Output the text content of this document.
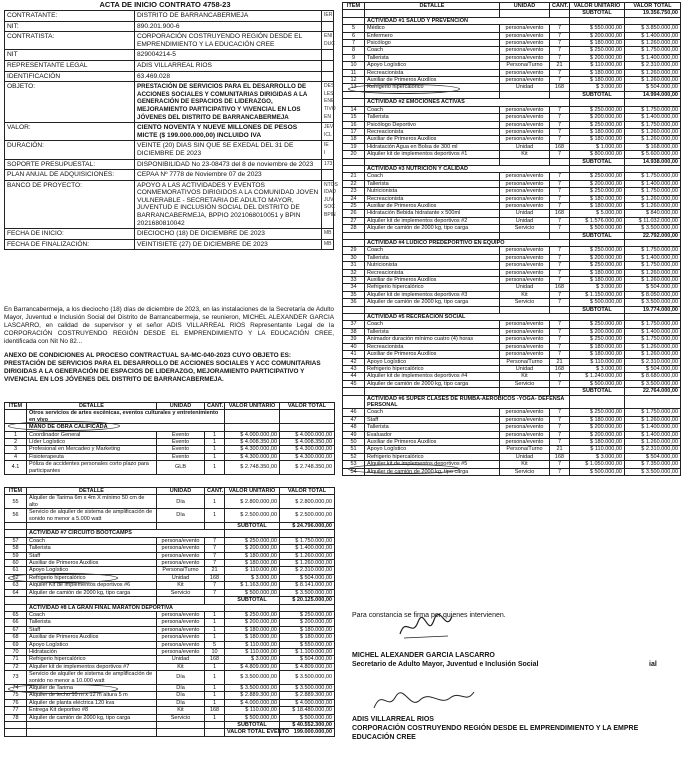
ACTA DE INICIO CONTRATO 4758-23
CONTRATANTE:	DISTRITO DE BARRANCABERMEJA	IER
NIT:	890.201.900-6	
CONTRATISTA:	CORPORACIÓN COSTRUYENDO REGIÓN DESDE EL EMPRENDIMIENTO Y LA EDUCACIÓN CREE	ENI DUC
NIT	829004214-5	
REPRESENTANTE LEGAL	ADIS VILLARREAL RIOS	
IDENTIFICACIÓN	63.469.028	
OBJETO:	PRESTACIÓN DE SERVICIOS PARA EL DESARROLLO DE ACCIONES SOCIALES Y COMUNITARIAS DIRIGIDAS A LA GENERACIÓN DE ESPACIOS DE LIDERAZGO, MEJORAMIENTO PARTICIPATIVO Y VIVENCIAL EN LOS JÓVENES DEL DISTRITO DE BARRANCABERMEJA	DES LES ENE TIVO EN
VALOR:	CIENTO NOVENTA Y NUEVE MILLONES DE PESOS MICTE ($ 199.000.000,00) INCLUIDO IVA	JEV ICL
DURACIÓN:	VEINTE (20) DIAS SIN QUE SE EXEDAL DEL 31 DE DICIEMBRE DE 2023	IE I
SOPORTE PRESUPUESTAL:	DISPONIBILIDAD No 23-08473 del 8 de noviembre de 2023	173
PLAN ANUAL DE ADQUISICIONES:	CEPAA Nº 7778 de Noviembre 07 de 2023	
BANCO DE PROYECTO:	APOYO A LAS ACTIVIDADES Y EVENTOS CONMEMORATIVOS DIRIGIDOS A LA COMUNIDAD JOVEN VULNERABLE - SECRETARIA DE ADULTO MAYOR, JUVENTUD E INCLUSIÓN SOCIAL DEL DISTRITO DE BARRANCABERMEJA, BPPIO 2021068010051 y BPIN 2021680810042	NTOS IDAD JUV SOC BPIN
FECHA DE INICIO:	DIECIOCHO (18) DE DICIEMBRE DE 2023	MB
FECHA DE FINALIZACIÓN:	VEINTISIETE (27) DE DICIEMBRE DE 2023	MB
En Barrancabermeja, a los dieciocho (18) días de diciembre de 2023, en las instalaciones de la Secretaría de Adulto Mayor, Juventud e Inclusión Social del Distrito de Barrancabermeja, se reunieron, MICHEL ALEXANDER GARCIA LASCARRO, en calidad de supervisor y el señor ADIS VILLARREAL RIOS Representante Legal de la CORPORACIÓN COSTRUYENDO REGIÓN DESDE EL EMPRENDIMIENTO Y LA EDUCACIÓN CREE, identificada con Nit No 82...
ANEXO DE CONDICIONES AL PROCESO CONTRACTUAL SA-MC-040-2023 CUYO OBJETO ES: PRESTACIÓN DE SERVICIOS PARA EL DESARROLLO DE ACCIONES SOCIALES Y ACC COMUNITARIAS DIRIGIDAS A LA GENERACIÓN DE ESPACIOS DE LIDERAZGO, MEJORAMIENTO PARTICIPATIVO Y VIVENCIAL EN LOS JÓVENES DEL DISTRITO DE BARRANCABERMEJA.
ITEM	DETALLE	UNIDAD	CANT.	VALOR UNITARIO	VALOR TOTAL
	Otros servicios de artes escénicas, eventos culturales y entretenimiento en vivo				
	MANO DE OBRA CALIFICADA				
1	Coordinador General	Evento	1	$ 4.000.000,00	$ 4.000.000,00
2	Líder Logístico	Evento	1	$ 4.008.350,00	$ 4.008.350,00
3	Profesional en Mercadeo y Marketing	Evento	1	$ 4.300.000,00	$ 4.300.000,00
4	Fisioterapeuta	Evento	1	$ 4.300.000,00	$ 4.300.000,00
4.1	Póliza de accidentes personales corto plazo para participantes	GLB	1	$ 2.748.350,00	$ 2.748.350,00
ITEM	DETALLE	UNIDAD	CANT.	VALOR UNITARIO	VALOR TOTAL
55	Alquiler de Tarima 6m x 4m X mínimo 50 cm de alto	Día	1	$ 2.800.000,00	$ 2.800.000,00
56	Servicio de alquiler de sistema de amplificación de sonido no menor a 5.000 watt	Día	1	$ 2.500.000,00	$ 2.500.000,00
				SUBTOTAL	$ 24.796.000,00
	ACTIVIDAD #7 CIRCUITO BOOTCAMPS				
57	Coach	persona/evento	7	$ 250.000,00	$ 1.750.000,00
58	Talleristа	persona/evento	7	$ 200.000,00	$ 1.400.000,00
59	Staff	persona/evento	7	$ 180.000,00	$ 1.260.000,00
60	Auxiliar de Primeros Auxilios	persona/evento	7	$ 180.000,00	$ 1.260.000,00
61	Apoyo Logístico	Persona/Turno	21	$ 110.000,00	$ 2.310.000,00
62	Refrigerio hipercalórico	Unidad	168	$ 3.000,00	$ 504.000,00
63	Alquiler Kit de implementos deportivos #6	Kit	7	$ 1.163.000,00	$ 8.141.000,00
64	Alquiler de camión de 2000 kg, tipo carga	Servicio	7	$ 500.000,00	$ 3.500.000,00
				SUBTOTAL	$ 20.125.000,00
	ACTIVIDAD #8 LA GRAN FINAL MARATÓN DEPORTIVA				
65	Coach	persona/evento	1	$ 250.000,00	$ 250.000,00
66	Talleristа	persona/evento	1	$ 200.000,00	$ 200.000,00
67	Staff	persona/evento	1	$ 180.000,00	$ 180.000,00
68	Auxiliar de Primeros Auxilios	persona/evento	1	$ 180.000,00	$ 180.000,00
69	Apoyo Logístico	persona/evento	5	$ 110.000,00	$ 550.000,00
70	Hidratación	persona/evento	10	$ 110.000,00	$ 1.100.000,00
71	Refrigerio hipercalórico	Unidad	168	$ 3.000,00	$ 504.000,00
72	Alquiler kit de implementos deportivos #7	Kit	1	$ 4.809.000,00	$ 4.809.000,00
73	Servicio de alquiler de sistema de amplificación de sonido no menor a 10.000 watt	Día	1	$ 3.500.000,00	$ 3.500.000,00
74	Alquiler de Tarima	Día	1	$ 3.500.000,00	$ 3.500.000,00
75	Alquiler de techo 10 m x 12 m altura 5 m	Día	1	$ 2.889.300,00	$ 2.889.300,00
76	Alquiler de planta eléctrica 120 kva	Día	1	$ 4.000.000,00	$ 4.000.000,00
77	Entrega Kit deportivo #8	Kit	168	$ 110.000,00	$ 18.480.000,00
78	Alquiler de camión de 2000 kg, tipo carga	Servicio	1	$ 500.000,00	$ 500.000,00
				SUBTOTAL	$ 40.552.300,00
				VALOR TOTAL EVENTO	199.000.000,00
ITEM	DETALLE	UNIDAD	CANT.	VALOR UNITARIO	VALOR TOTAL
				SUBTOTAL	19.356.750,00
	ACTIVIDAD #1 SALUD Y PREVENCIÓN				
5	Médico	persona/evento	7	$ 550.000,00	$ 3.850.000,00
6	Enfermero	persona/evento	7	$ 200.000,00	$ 1.400.000,00
7	Psicólogo	persona/evento	7	$ 180.000,00	$ 1.260.000,00
8	Coach	persona/evento	7	$ 250.000,00	$ 1.750.000,00
9	Talleristа	persona/evento	7	$ 200.000,00	$ 1.400.000,00
10	Apoyo Logístico	Persona/Turno	21	$ 110.000,00	$ 2.310.000,00
11	Recreacionista	persona/evento	7	$ 180.000,00	$ 1.260.000,00
12	Auxiliar de Primeros Auxilios	persona/evento	7	$ 180.000,00	$ 1.260.000,00
13	Refrigerio hipercalórico	Unidad	168	$ 3.000,00	$ 504.000,00
				SUBTOTAL	14.994.000,00
	ACTIVIDAD #2 EMOCIONES ACTIVAS				
14	Coach	persona/evento	7	$ 250.000,00	$ 1.750.000,00
15	Talleristа	persona/evento	7	$ 200.000,00	$ 1.400.000,00
16	Psicólogo Deportivo	persona/evento	7	$ 250.000,00	$ 1.750.000,00
17	Recreacionista	persona/evento	7	$ 180.000,00	$ 1.260.000,00
18	Auxiliar de Primeros Auxilios	persona/evento	7	$ 180.000,00	$ 1.260.000,00
19	Hidratación Agua en Bolsa de 300 ml	Unidad	168	$ 1.000,00	$ 168.000,00
20	Alquiler kit de implementos deportivos #1	Kit	7	$ 800.000,00	$ 5.600.000,00
				SUBTOTAL	14.938.000,00
	ACTIVIDAD #3 NUTRICIÓN Y CALIDAD				
21	Coach	persona/evento	7	$ 250.000,00	$ 1.750.000,00
22	Talleristа	persona/evento	7	$ 200.000,00	$ 1.400.000,00
23	Nutricionista	persona/evento	7	$ 250.000,00	$ 1.750.000,00
24	Recreacionista	persona/evento	7	$ 180.000,00	$ 1.260.000,00
25	Auxiliar de Primeros Auxilios	persona/evento	7	$ 180.000,00	$ 1.260.000,00
26	Hidratación Bebida hidratante x 500ml	Unidad	168	$ 5.000,00	$ 840.000,00
27	Alquiler kit de implementos deportivos #2	Unidad	7	$ 1.576.000,00	$ 11.032.000,00
28	Alquiler de camión de 2000 kg, tipo carga	Servicio	7	$ 500.000,00	$ 3.500.000,00
				SUBTOTAL	22.792.000,00
	ACTIVIDAD #4 LÚDICO PREDEPORTIVO EN EQUIPO				
29	Coach	persona/evento	7	$ 250.000,00	$ 1.750.000,00
30	Talleristа	persona/evento	7	$ 200.000,00	$ 1.400.000,00
31	Nutricionista	persona/evento	7	$ 250.000,00	$ 1.750.000,00
32	Recreacionista	persona/evento	7	$ 180.000,00	$ 1.260.000,00
33	Auxiliar de Primeros Auxilios	persona/evento	7	$ 180.000,00	$ 1.260.000,00
34	Refrigerio hipercalórico	Unidad	168	$ 3.000,00	$ 504.000,00
35	Alquiler kit de implementos deportivos #3	Kit	7	$ 1.150.000,00	$ 8.050.000,00
36	Alquiler de camión de 2000 kg, tipo carga	Servicio	7	$ 500.000,00	$ 3.500.000,00
				SUBTOTAL	19.774.000,00
	ACTIVIDAD #5 RECREACIÓN SOCIAL				
37	Coach	persona/evento	7	$ 250.000,00	$ 1.750.000,00
38	Talleristа	persona/evento	7	$ 200.000,00	$ 1.400.000,00
39	Animador duración mínimo cuatro (4) horas	persona/evento	7	$ 250.000,00	$ 1.750.000,00
40	Recreacionista	persona/evento	7	$ 180.000,00	$ 1.260.000,00
41	Auxiliar de Primeros Auxilios	persona/evento	7	$ 180.000,00	$ 1.260.000,00
42	Apoyo Logístico	Persona/Turno	21	$ 110.000,00	$ 2.310.000,00
43	Refrigerio hipercalórico	Unidad	168	$ 3.000,00	$ 504.000,00
44	Alquiler kit de implementos deportivos #4	Kit	7	$ 1.240.000,00	$ 8.680.000,00
45	Alquiler de camión de 2000 kg, tipo carga	Servicio	7	$ 500.000,00	$ 3.500.000,00
				SUBTOTAL	22.764.000,00
	ACTIVIDAD #6 SUPER CLASES DE RUMBA-AEROBICOS -YOGA- DEFENSA PERSONAL				
46	Coach	persona/evento	7	$ 250.000,00	$ 1.750.000,00
47	Staff	persona/evento	7	$ 180.000,00	$ 1.260.000,00
48	Talleristа	persona/evento	7	$ 200.000,00	$ 1.400.000,00
49	Evaluador	persona/evento	7	$ 200.000,00	$ 1.400.000,00
50	Auxiliar de Primeros Auxilios	persona/evento	7	$ 180.000,00	$ 1.260.000,00
51	Apoyo Logístico	Persona/Turno	21	$ 110.000,00	$ 2.310.000,00
52	Refrigerio hipercalórico	Unidad	168	$ 3.000,00	$ 504.000,00
53	Alquiler kit de implementos deportivos #5	Kit	7	$ 1.050.000,00	$ 7.350.000,00
54	Alquiler de camión de 2000 kg, tipo carga	Servicio	7	$ 500.000,00	$ 3.500.000,00
Para constancia se firma por quienes intervienen.
MICHEL ALEXANDER GARCIA LASCARRO
Secretario de Adulto Mayor, Juventud e Inclusión Social	ial
ADIS VILLARREAL RIOS
CORPORACIÓN COSTRUYENDO REGIÓN DESDE EL EMPRENDIMIENTO Y LA EMPRE
EDUCACIÓN CREE
